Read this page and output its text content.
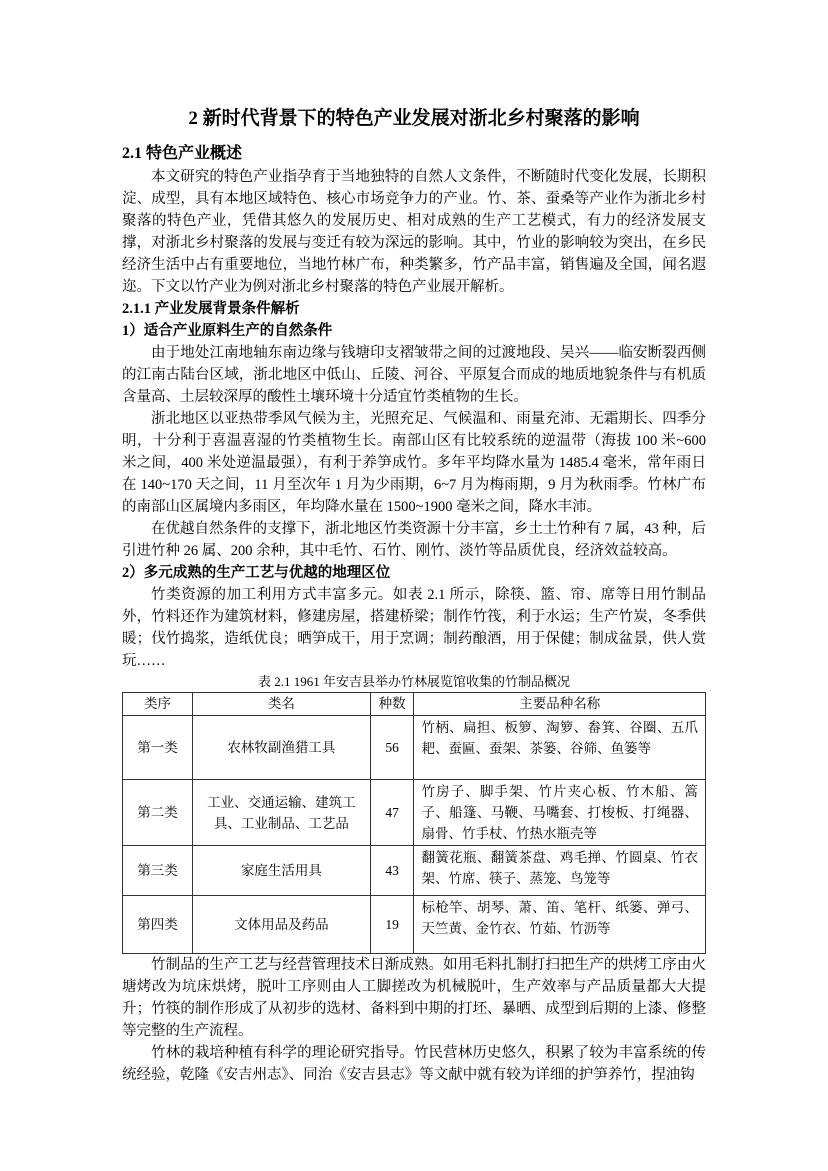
2 新时代背景下的特色产业发展对浙北乡村聚落的影响
2.1 特色产业概述

本文研究的特色产业指孕育于当地独特的自然人文条件，不断随时代变化发展，长期积淀、成型，具有本地区域特色、核心市场竞争力的产业。竹、茶、蚕桑等产业作为浙北乡村聚落的特色产业，凭借其悠久的发展历史、相对成熟的生产工艺模式，有力的经济发展支撑，对浙北乡村聚落的发展与变迁有较为深远的影响。其中，竹业的影响较为突出，在乡民经济生活中占有重要地位，当地竹林广布，种类繁多，竹产品丰富，销售遍及全国，闻名遐迩。下文以竹产业为例对浙北乡村聚落的特色产业展开解析。

2.1.1 产业发展背景条件解析
1）适合产业原料生产的自然条件

由于地处江南地轴东南边缘与钱塘印支褶皱带之间的过渡地段、吴兴——临安断裂西侧的江南古陆台区域，浙北地区中低山、丘陵、河谷、平原复合而成的地质地貌条件与有机质含量高、土层较深厚的酸性土壤环境十分适宜竹类植物的生长。

浙北地区以亚热带季风气候为主，光照充足、气候温和、雨量充沛、无霜期长、四季分明，十分利于喜温喜湿的竹类植物生长。南部山区有比较系统的逆温带（海拔 100 米~600 米之间，400 米处逆温最强），有利于养笋成竹。多年平均降水量为 1485.4 毫米，常年雨日在 140~170 天之间，11 月至次年 1 月为少雨期，6~7 月为梅雨期，9 月为秋雨季。竹林广布的南部山区属境内多雨区，年均降水量在 1500~1900 毫米之间，降水丰沛。

在优越自然条件的支撑下，浙北地区竹类资源十分丰富，乡土土竹种有 7 属，43 种，后引进竹种 26 属、200 余种，其中毛竹、石竹、刚竹、淡竹等品质优良，经济效益较高。

2）多元成熟的生产工艺与优越的地理区位

竹类资源的加工利用方式丰富多元。如表 2.1 所示，除筷、篮、帘、席等日用竹制品外，竹料还作为建筑材料，修建房屋，搭建桥梁；制作竹筏，利于水运；生产竹炭，冬季供暖；伐竹捣浆，造纸优良；晒笋成干，用于烹调；制药酿酒，用于保健；制成盆景，供人赏玩……

表 2.1 1961 年安吉县举办竹林展览馆收集的竹制品概况
类序	类名	种数	主要品种名称
第一类	农林牧副渔猎工具	56	竹柄、扁担、板箩、淘箩、畚箕、谷圈、五爪耙、蚕匾、蚕架、茶篓、谷筛、鱼篓等
第二类	工业、交通运输、建筑工具、工业制品、工艺品	47	竹房子、脚手架、竹片夹心板、竹木船、篙子、船篷、马鞭、马嘴套、打梭板、打绳器、扇骨、竹手杖、竹热水瓶壳等
第三类	家庭生活用具	43	翻簧花瓶、翻簧茶盘、鸡毛掸、竹圆桌、竹衣架、竹席、筷子、蒸笼、鸟笼等
第四类	文体用品及药品	19	标枪竿、胡琴、萧、笛、笔杆、纸篓、弹弓、天竺黄、金竹衣、竹茹、竹沥等

竹制品的生产工艺与经营管理技术日渐成熟。如用毛料扎制打扫把生产的烘烤工序由火塘烤改为坑床烘烤，脱叶工序则由人工脚搓改为机械脱叶，生产效率与产品质量都大大提升；竹筷的制作形成了从初步的选材、备料到中期的打坯、暴晒、成型到后期的上漆、修整等完整的生产流程。

竹林的栽培种植有科学的理论研究指导。竹民营林历史悠久，积累了较为丰富系统的传统经验，乾隆《安吉州志》、同治《安吉县志》等文献中就有较为详细的护笋养竹，捏油钩
